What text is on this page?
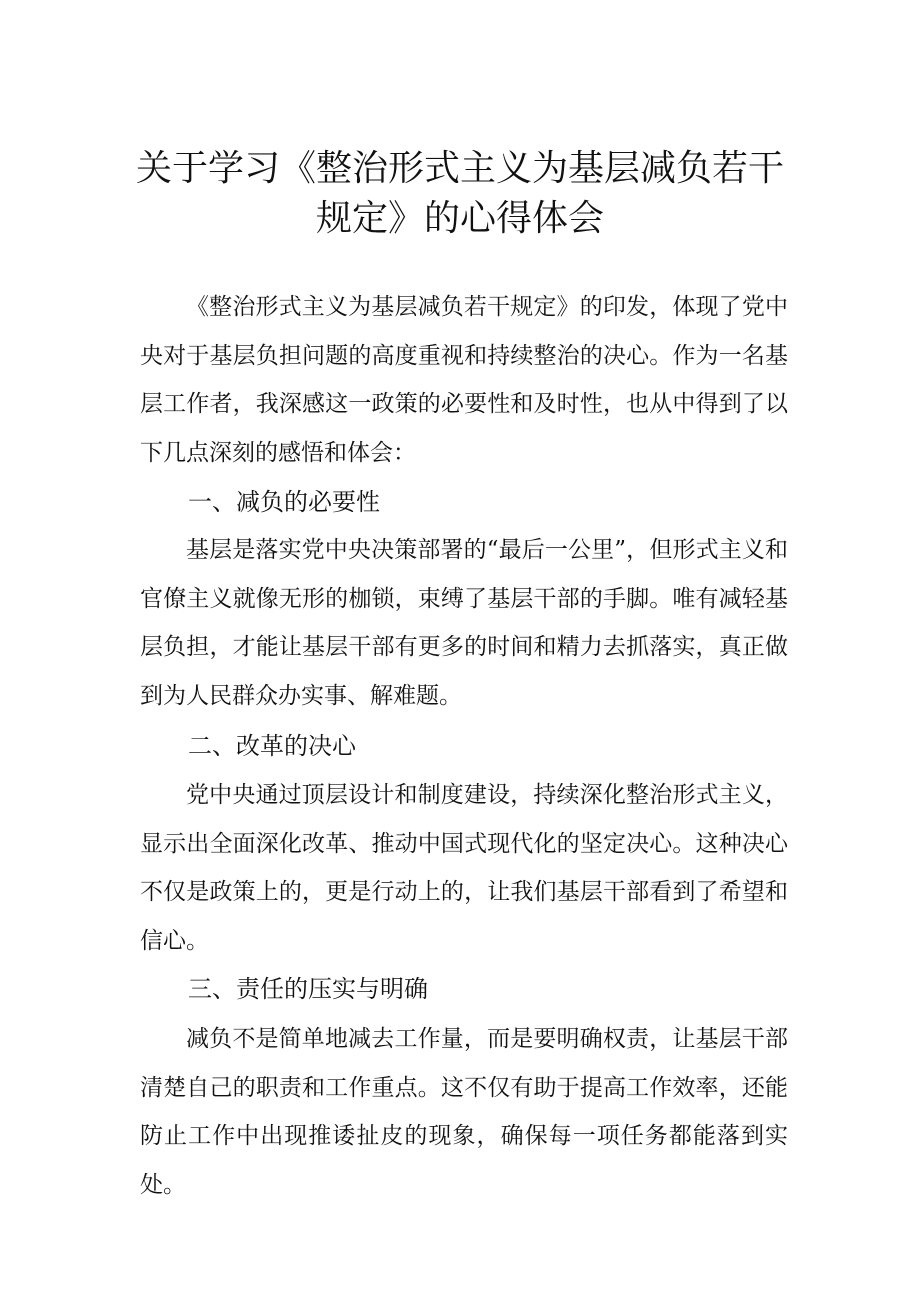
关于学习《整治形式主义为基层减负若干
规定》的心得体会

《整治形式主义为基层减负若干规定》的印发，体现了党中央对于基层负担问题的高度重视和持续整治的决心。作为一名基层工作者，我深感这一政策的必要性和及时性，也从中得到了以下几点深刻的感悟和体会：

一、减负的必要性

基层是落实党中央决策部署的“最后一公里”，但形式主义和官僚主义就像无形的枷锁，束缚了基层干部的手脚。唯有减轻基层负担，才能让基层干部有更多的时间和精力去抓落实，真正做到为人民群众办实事、解难题。

二、改革的决心

党中央通过顶层设计和制度建设，持续深化整治形式主义，显示出全面深化改革、推动中国式现代化的坚定决心。这种决心不仅是政策上的，更是行动上的，让我们基层干部看到了希望和信心。

三、责任的压实与明确

减负不是简单地减去工作量，而是要明确权责，让基层干部清楚自己的职责和工作重点。这不仅有助于提高工作效率，还能防止工作中出现推诿扯皮的现象，确保每一项任务都能落到实处。
